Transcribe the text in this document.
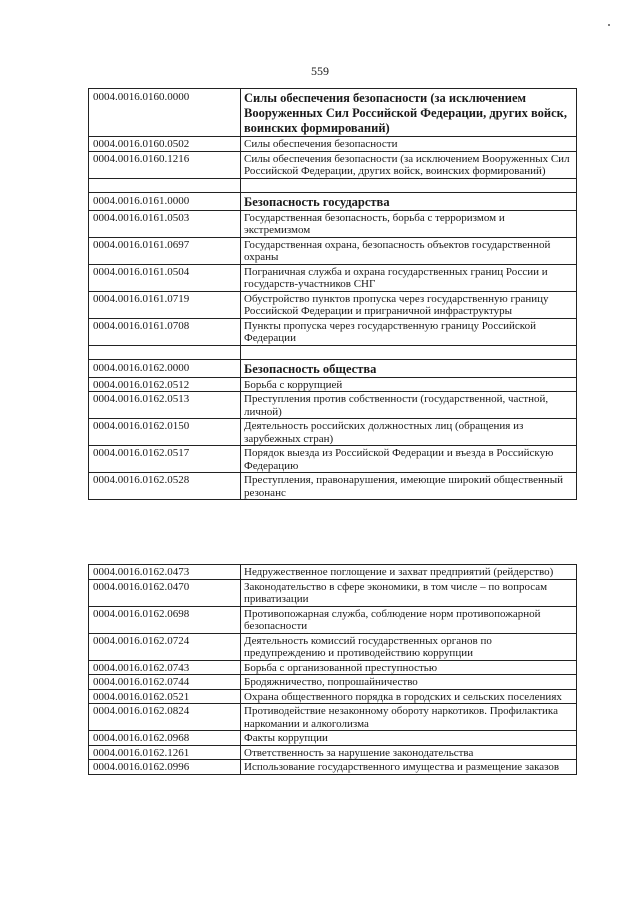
559
0004.0016.0160.0000	Силы обеспечения безопасности (за исключением Вооруженных Сил Российской Федерации, других войск, воинских формирований)
0004.0016.0160.0502	Силы обеспечения безопасности
0004.0016.0160.1216	Силы обеспечения безопасности (за исключением Вооруженных Сил Российской Федерации, других войск, воинских формирований)

0004.0016.0161.0000	Безопасность государства
0004.0016.0161.0503	Государственная безопасность, борьба с терроризмом и экстремизмом
0004.0016.0161.0697	Государственная охрана, безопасность объектов государственной охраны
0004.0016.0161.0504	Пограничная служба и охрана государственных границ России и государств-участников СНГ
0004.0016.0161.0719	Обустройство пунктов пропуска через государственную границу Российской Федерации и приграничной инфраструктуры
0004.0016.0161.0708	Пункты пропуска через государственную границу Российской Федерации

0004.0016.0162.0000	Безопасность общества
0004.0016.0162.0512	Борьба с коррупцией
0004.0016.0162.0513	Преступления против собственности (государственной, частной, личной)
0004.0016.0162.0150	Деятельность российских должностных лиц (обращения из зарубежных стран)
0004.0016.0162.0517	Порядок выезда из Российской Федерации и въезда в Российскую Федерацию
0004.0016.0162.0528	Преступления, правонарушения, имеющие широкий общественный резонанс
0004.0016.0162.0473	Недружественное поглощение и захват предприятий (рейдерство)
0004.0016.0162.0470	Законодательство в сфере экономики, в том числе – по вопросам приватизации
0004.0016.0162.0698	Противопожарная служба, соблюдение норм противопожарной безопасности
0004.0016.0162.0724	Деятельность комиссий государственных органов по предупреждению и противодействию коррупции
0004.0016.0162.0743	Борьба с организованной преступностью
0004.0016.0162.0744	Бродяжничество, попрошайничество
0004.0016.0162.0521	Охрана общественного порядка в городских и сельских поселениях
0004.0016.0162.0824	Противодействие незаконному обороту наркотиков. Профилактика наркомании и алкоголизма
0004.0016.0162.0968	Факты коррупции
0004.0016.0162.1261	Ответственность за нарушение законодательства
0004.0016.0162.0996	Использование государственного имущества и размещение заказов
